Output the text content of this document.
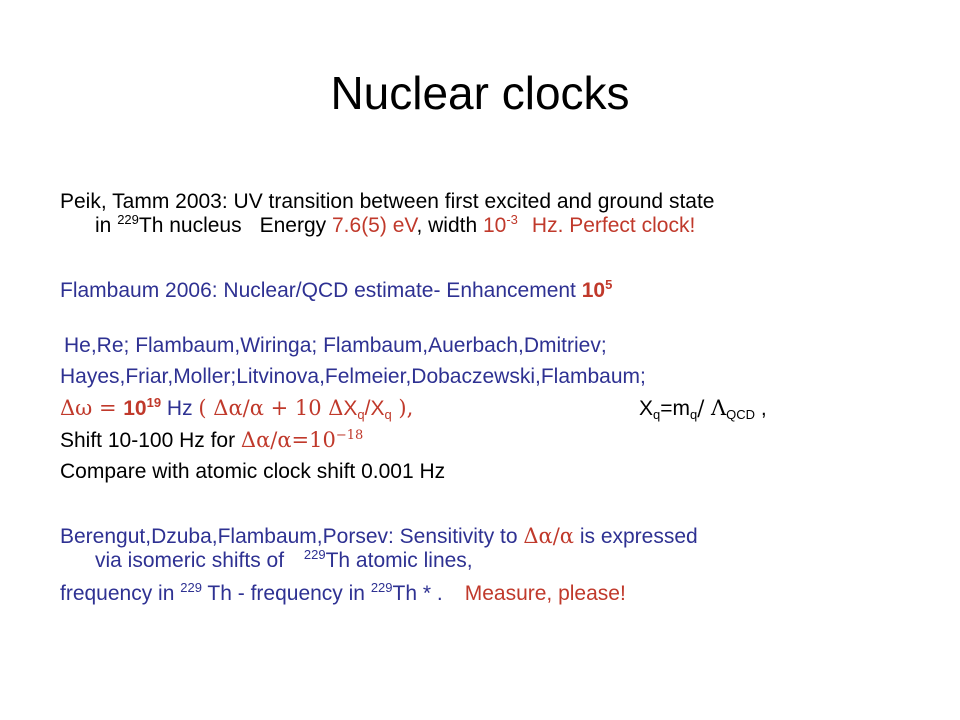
Nuclear clocks
Peik, Tamm 2003: UV transition between first excited and ground state
in $^{229}$Th nucleus Energy 7.6(5) eV, width $10^{-3}$ Hz. Perfect clock!
Flambaum 2006: Nuclear/QCD estimate- Enhancement $10^5$
He,Re; Flambaum,Wiringa; Flambaum,Auerbach,Dmitriev;
Hayes,Friar,Moller;Litvinova,Felmeier,Dobaczewski,Flambaum;
$\Delta\omega = 10^{19}$ Hz ( Δα/α + 10 $\Delta X_q/X_q$ ),	$X_q=m_q/$ $\Lambda_{QCD}$ ,
Shift 10-100 Hz for $\Delta\alpha/\alpha=10^{-18}$
Compare with atomic clock shift 0.001 Hz
Berengut,Dzuba,Flambaum,Porsev: Sensitivity to Δα/α is expressed
via isomeric shifts of $^{229}$Th atomic lines,
frequency in $^{229}$ Th - frequency in $^{229}$Th * . Measure, please!
